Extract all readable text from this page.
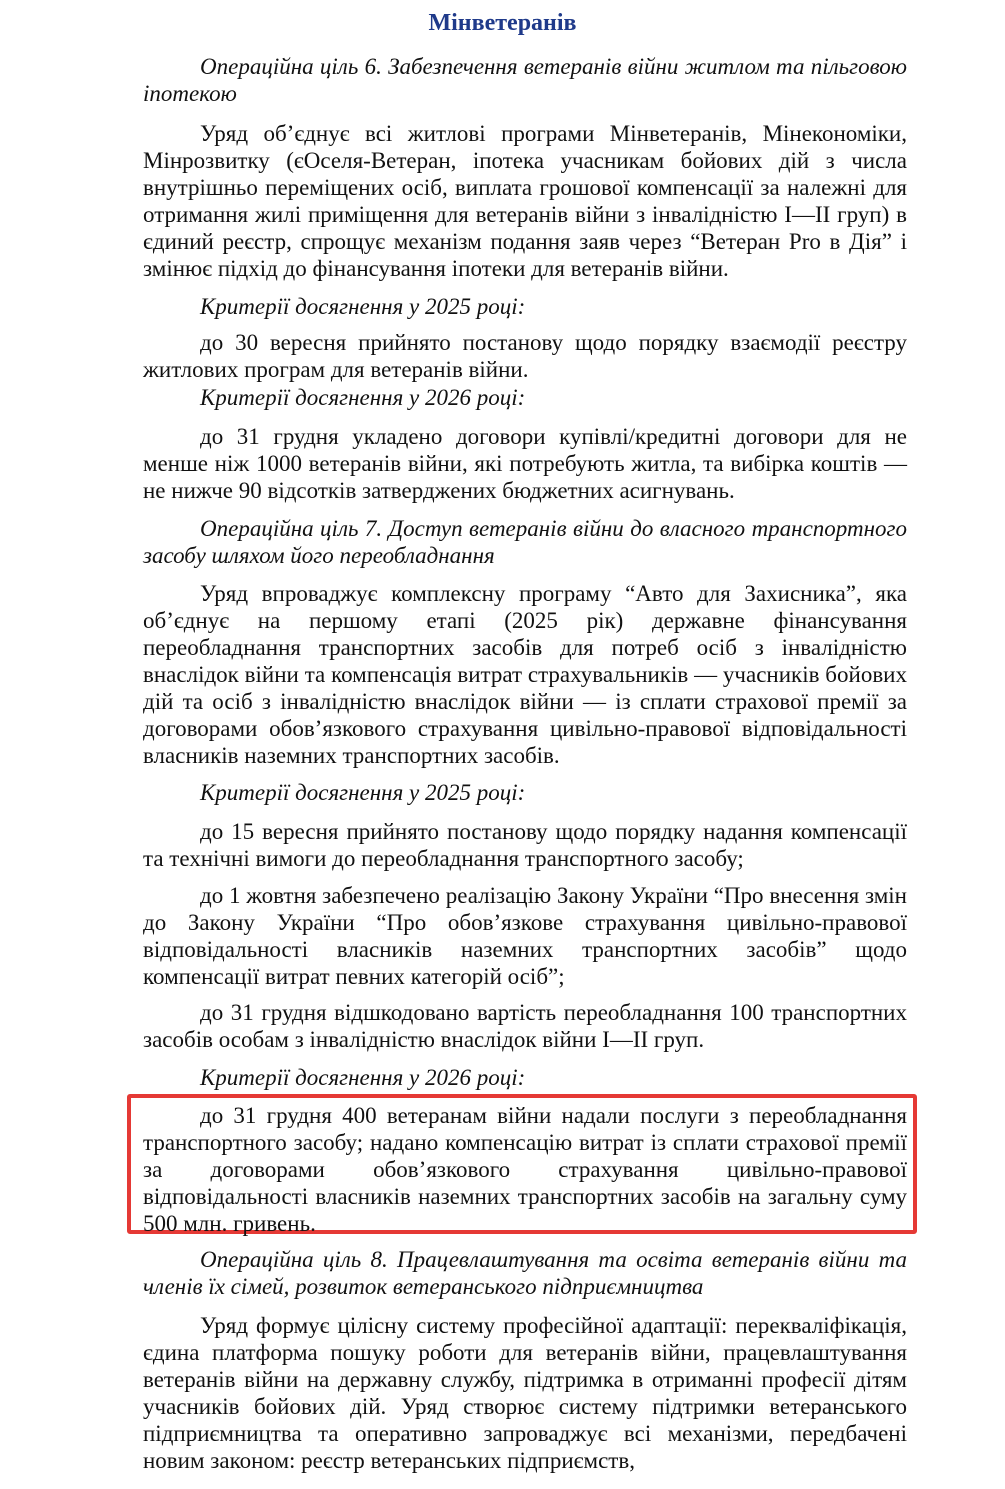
Мінветеранів
Операційна ціль 6. Забезпечення ветеранів війни житлом та пільговою іпотекою
Уряд об’єднує всі житлові програми Мінветеранів, Мінекономіки, Мінрозвитку (єОселя-Ветеран, іпотека учасникам бойових дій з числа внутрішньо переміщених осіб, виплата грошової компенсації за належні для отримання жилі приміщення для ветеранів війни з інвалідністю I—II груп) в єдиний реєстр, спрощує механізм подання заяв через “Ветеран Pro в Дія” і змінює підхід до фінансування іпотеки для ветеранів війни.
Критерії досягнення у 2025 році:
до 30 вересня прийнято постанову щодо порядку взаємодії реєстру житлових програм для ветеранів війни.
Критерії досягнення у 2026 році:
до 31 грудня укладено договори купівлі/кредитні договори для не менше ніж 1000 ветеранів війни, які потребують житла, та вибірка коштів — не нижче 90 відсотків затверджених бюджетних асигнувань.
Операційна ціль 7. Доступ ветеранів війни до власного транспортного засобу шляхом його переобладнання
Уряд впроваджує комплексну програму “Авто для Захисника”, яка об’єднує на першому етапі (2025 рік) державне фінансування переобладнання транспортних засобів для потреб осіб з інвалідністю внаслідок війни та компенсація витрат страхувальників — учасників бойових дій та осіб з інвалідністю внаслідок війни — із сплати страхової премії за договорами обов’язкового страхування цивільно-правової відповідальності власників наземних транспортних засобів.
Критерії досягнення у 2025 році:
до 15 вересня прийнято постанову щодо порядку надання компенсації та технічні вимоги до переобладнання транспортного засобу;
до 1 жовтня забезпечено реалізацію Закону України “Про внесення змін до Закону України “Про обов’язкове страхування цивільно-правової відповідальності власників наземних транспортних засобів” щодо компенсації витрат певних категорій осіб”;
до 31 грудня відшкодовано вартість переобладнання 100 транспортних засобів особам з інвалідністю внаслідок війни I—II груп.
Критерії досягнення у 2026 році:
до 31 грудня 400 ветеранам війни надали послуги з переобладнання транспортного засобу; надано компенсацію витрат із сплати страхової премії за договорами обов’язкового страхування цивільно-правової відповідальності власників наземних транспортних засобів на загальну суму 500 млн. гривень.
Операційна ціль 8. Працевлаштування та освіта ветеранів війни та членів їх сімей, розвиток ветеранського підприємництва
Уряд формує цілісну систему професійної адаптації: перекваліфікація, єдина платформа пошуку роботи для ветеранів війни, працевлаштування ветеранів війни на державну службу, підтримка в отриманні професії дітям учасників бойових дій. Уряд створює систему підтримки ветеранського підприємництва та оперативно запроваджує всі механізми, передбачені новим законом: реєстр ветеранських підприємств,
